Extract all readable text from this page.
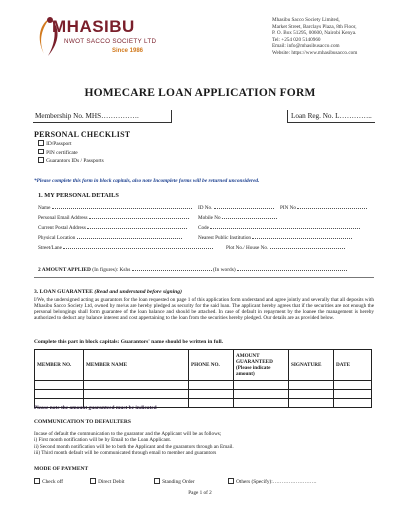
MHASIBU
NWOT SACCO SOCIETY LTD
Since 1986
Mhasibu Sacco Society Limited,
Market Street, Barclays Plaza, 8th Floor,
P. O. Box 51295, 00600, Nairobi Kenya.
Tel: +254 020 5140960
Email: info@mhasibusacco.com
Website: https://www.mhasibusacco.com
HOMECARE LOAN APPLICATION FORM
Membership No. MHS…………….	Loan Reg. No. L…………..
PERSONAL CHECKLIST
ID/Passport
PIN certificate
Guarantors IDs / Passports
*Please complete this form in block capitals, also note Incomplete forms will be returned unconsidered.
1. MY PERSONAL DETAILS
Name	ID No.	PIN No
Personal Email Address	Mobile No
Current Postal Address	Code
Physical Location	Nearest Public Institution
Street/Lane	Plot No./ House No.
2 AMOUNT APPLIED (In figures): Kshs	(In words)
3. LOAN GUARANTEE (Read and understand before signing)
I/We, the undersigned acting as guarantors for the loan requested on page 1 of this application form understand and agree jointly and severally that all deposits with Mhasibu Sacco Society Ltd, owned by me/us are hereby pledged as security for the said loan. The applicant hereby agrees that if the securities are not enough the personal belongings shall form guarantee of the loan balance and should be attached. In case of default in repayment by the loanee the management is hereby authorized to deduct any balance interest and cost appertaining to the loan from the securities hereby pledged. Our details are as provided below.
Complete this part in block capitals: Guarantors' name should be written in full.
MEMBER NO.	MEMBER NAME	PHONE NO.	AMOUNT GUARANTEED (Please indicate amount)	SIGNATURE	DATE

Please note the amount guaranteed must be indicated
COMMUNICATION TO DEFAULTERS
Incase of default the communication to the guarantor and the Applicant will be as follows;
i) First month notification will be by Email to the Loan Applicant.
ii) Second month notification will be to both the Applicant and the guarantors through an Email.
iii) Third month default will be communicated through email to member and guarantors
MODE OF PAYMENT
Check off	Direct Debit	Standing Order	Others (Specify):…………………….
Page 1 of 2
